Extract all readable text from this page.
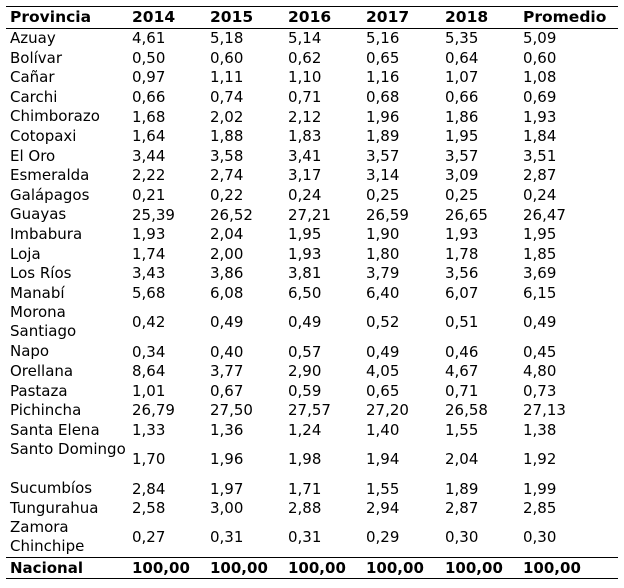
Provincia	2014	2015	2016	2017	2018	Promedio
Azuay	4,61	5,18	5,14	5,16	5,35	5,09
Bolívar	0,50	0,60	0,62	0,65	0,64	0,60
Cañar	0,97	1,11	1,10	1,16	1,07	1,08
Carchi	0,66	0,74	0,71	0,68	0,66	0,69
Chimborazo	1,68	2,02	2,12	1,96	1,86	1,93
Cotopaxi	1,64	1,88	1,83	1,89	1,95	1,84
El Oro	3,44	3,58	3,41	3,57	3,57	3,51
Esmeralda	2,22	2,74	3,17	3,14	3,09	2,87
Galápagos	0,21	0,22	0,24	0,25	0,25	0,24
Guayas	25,39	26,52	27,21	26,59	26,65	26,47
Imbabura	1,93	2,04	1,95	1,90	1,93	1,95
Loja	1,74	2,00	1,93	1,80	1,78	1,85
Los Ríos	3,43	3,86	3,81	3,79	3,56	3,69
Manabí	5,68	6,08	6,50	6,40	6,07	6,15
Morona Santiago	0,42	0,49	0,49	0,52	0,51	0,49
Napo	0,34	0,40	0,57	0,49	0,46	0,45
Orellana	8,64	3,77	2,90	4,05	4,67	4,80
Pastaza	1,01	0,67	0,59	0,65	0,71	0,73
Pichincha	26,79	27,50	27,57	27,20	26,58	27,13
Santa Elena	1,33	1,36	1,24	1,40	1,55	1,38
Santo Domingo	1,70	1,96	1,98	1,94	2,04	1,92
Sucumbíos	2,84	1,97	1,71	1,55	1,89	1,99
Tungurahua	2,58	3,00	2,88	2,94	2,87	2,85
Zamora Chinchipe	0,27	0,31	0,31	0,29	0,30	0,30
Nacional	100,00	100,00	100,00	100,00	100,00	100,00
